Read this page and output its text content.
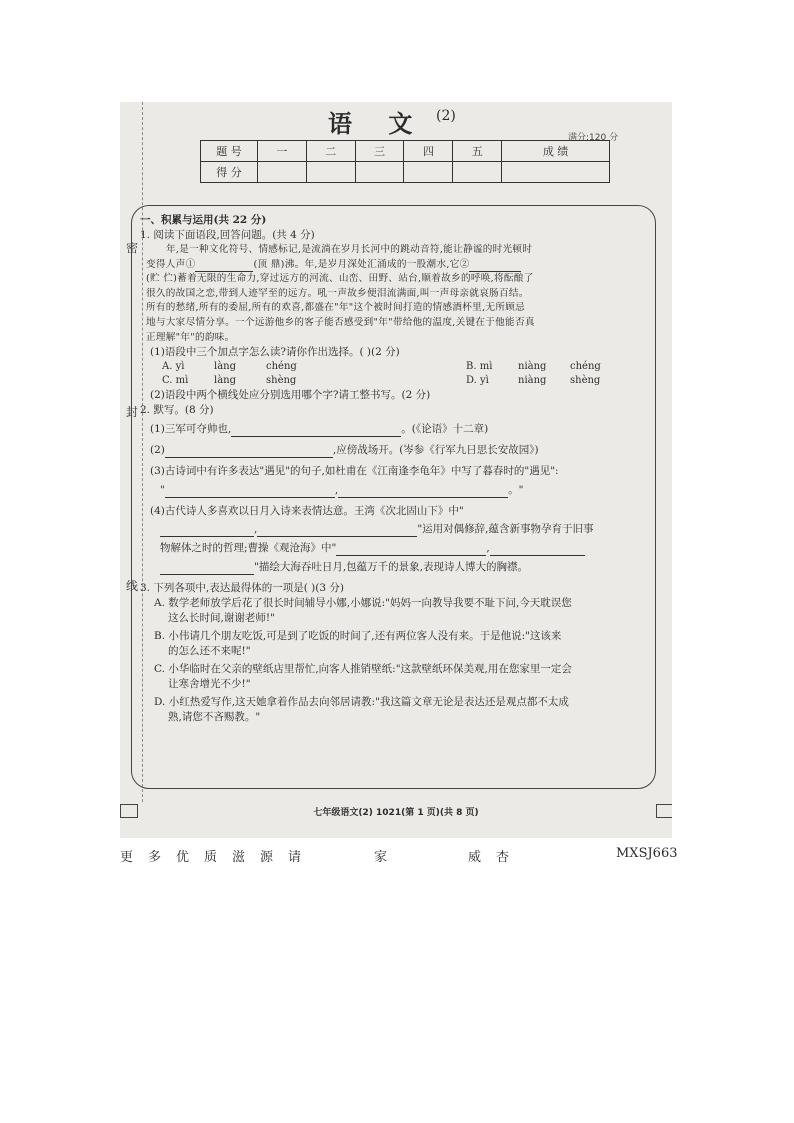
密
封
线
语 文 (2)
满分:120 分
题 号	一	二	三	四	五	成 绩
得 分						

一、积累与运用(共 22 分)

1. 阅读下面语段,回答问题。(共 4 分)

年,是一种文化符号、情感标记,是流淌在岁月长河中的跳动音符,能让静谧的时光顿时

变得人声①	(顶 鼎)沸。年,是岁月深处汇涌成的一股潮水,它②

(贮 伫)蓄着无限的生命力,穿过远方的河流、山峦、田野、站台,顺着故乡的呼唤,将酝酿了

很久的故国之恋,带到人迹罕至的远方。吼一声故乡便泪流满面,叫一声母亲就哀肠百结。

所有的愁绪,所有的委屈,所有的欢喜,都盛在"年"这个被时间打造的情感酒杯里,无所顾忌

地与大家尽情分享。一个远游他乡的客子能否感受到"年"带给他的温度,关键在于他能否真

正理解"年"的韵味。

(1)语段中三个加点字怎么读?请你作出选择。( )(2 分)

A. yì	làng	chéng	B. mì	niàng	chéng
C. mì	làng	shèng	D. yì	niàng	shèng

(2)语段中两个横线处应分别选用哪个字?请工整书写。(2 分)

2. 默写。(8 分)

(1)三军可夺帅也,	。(《论语》十二章)

(2)	,应傍战场开。(岑参《行军九日思长安故园》)

(3)古诗词中有许多表达"遇见"的句子,如杜甫在《江南逢李龟年》中写了暮春时的"遇见":

"	,	。"

(4)古代诗人多喜欢以日月入诗来表情达意。王湾《次北固山下》中"

,	"运用对偶修辞,蕴含新事物孕育于旧事

物解体之时的哲理;曹操《观沧海》中"	,

"描绘大海吞吐日月,包蕴万千的景象,表现诗人博大的胸襟。

3. 下列各项中,表达最得体的一项是( )(3 分)

A. 数学老师放学后花了很长时间辅导小娜,小娜说:"妈妈一向教导我要不耻下问,今天耽误您

这么长时间,谢谢老师!"

B. 小伟请几个朋友吃饭,可是到了吃饭的时间了,还有两位客人没有来。于是他说:"这该来

的怎么还不来呢!"

C. 小华临时在父亲的壁纸店里帮忙,向客人推销壁纸:"这款壁纸环保美观,用在您家里一定会

让寒舍增光不少!"

D. 小红热爱写作,这天她拿着作品去向邻居请教:"我这篇文章无论是表达还是观点都不太成

熟,请您不吝赐教。"

七年级语文(2) 1021(第 1 页)(共 8 页)
更 多 优 质 滋 源 请	家	威 杏	MXSJ663
